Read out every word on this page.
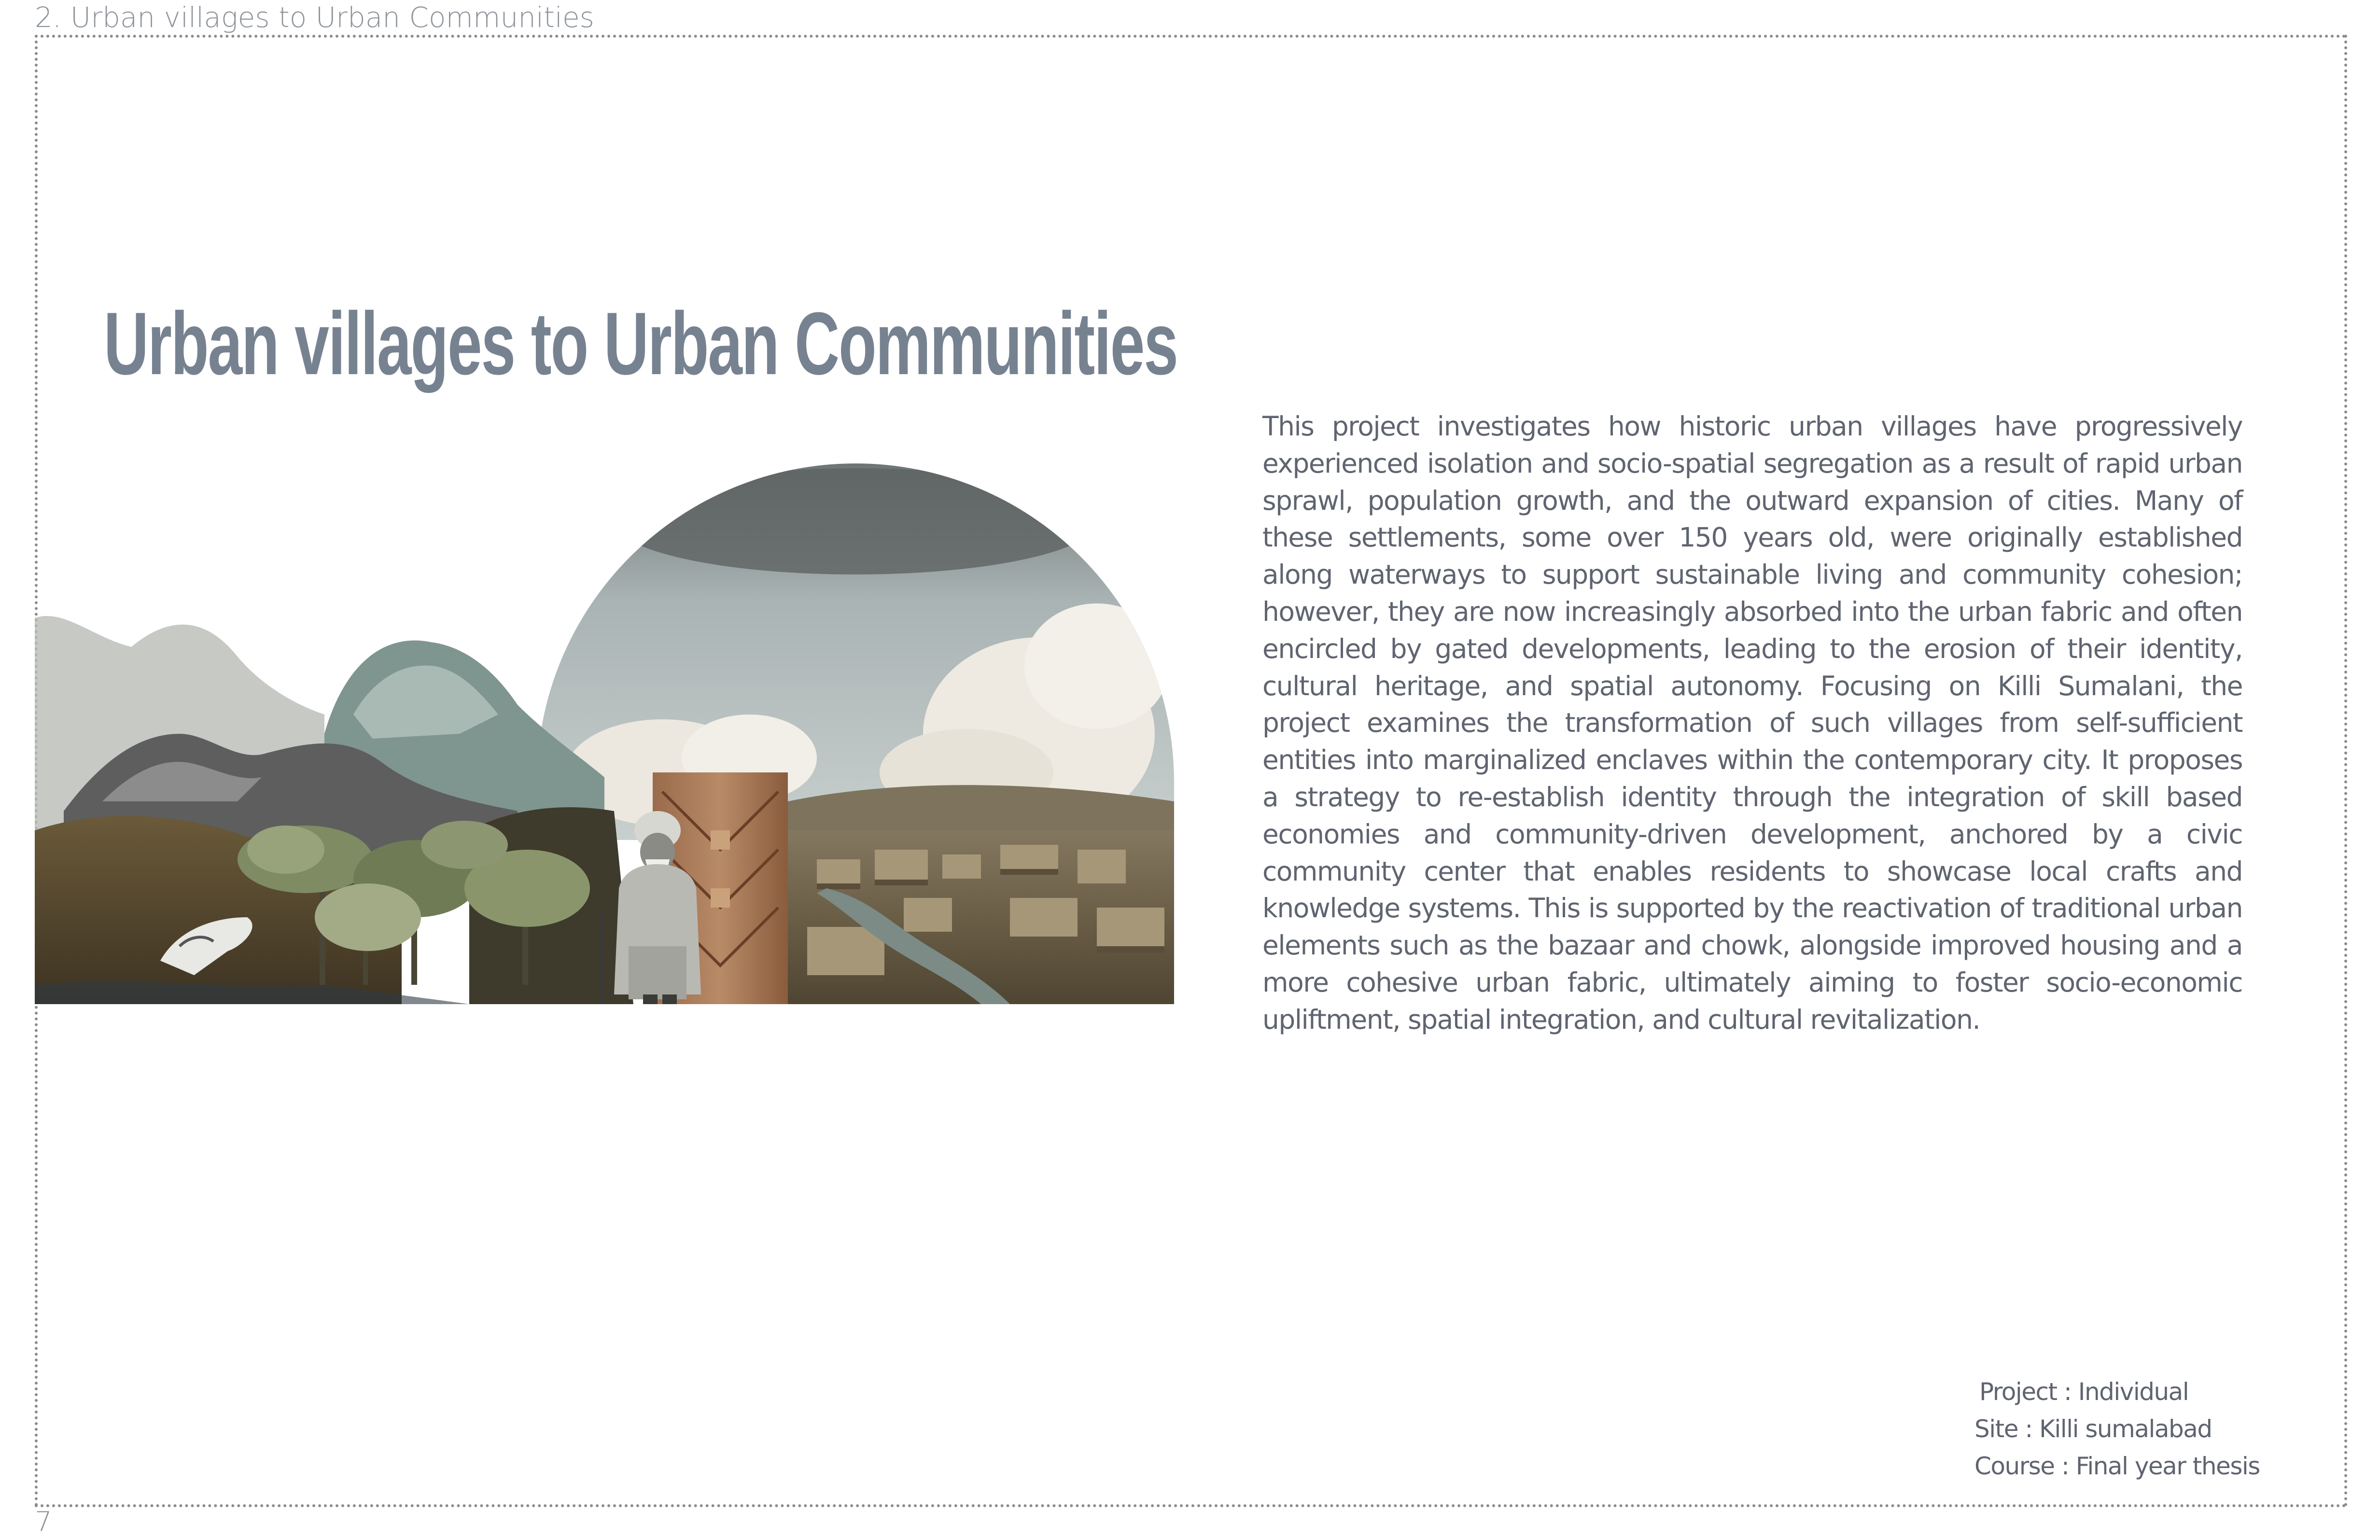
2. Urban villages to Urban Communities
Urban villages to Urban Communities
This project investigates how historic urban villages have progressively experienced isolation and socio-spatial segregation as a result of rapid urban sprawl, population growth, and the outward expansion of cities. Many of these settlements, some over 150 years old, were originally established along waterways to support sustainable living and community cohesion; however, they are now increasingly absorbed into the urban fabric and often encircled by gated developments, leading to the erosion of their identity, cultural heritage, and spatial autonomy. Focusing on Killi Sumalani, the project examines the transformation of such villages from self-sufficient entities into marginalized enclaves within the contemporary city. It proposes a strategy to re-establish identity through the integration of skill based economies and community-driven development, anchored by a civic community center that enables residents to showcase local crafts and knowledge systems. This is supported by the reactivation of traditional urban elements such as the bazaar and chowk, alongside improved housing and a more cohesive urban fabric, ultimately aiming to foster socio-economic upliftment, spatial integration, and cultural revitalization.
Project : Individual
Site : Killi sumalabad
Course : Final year thesis
7
